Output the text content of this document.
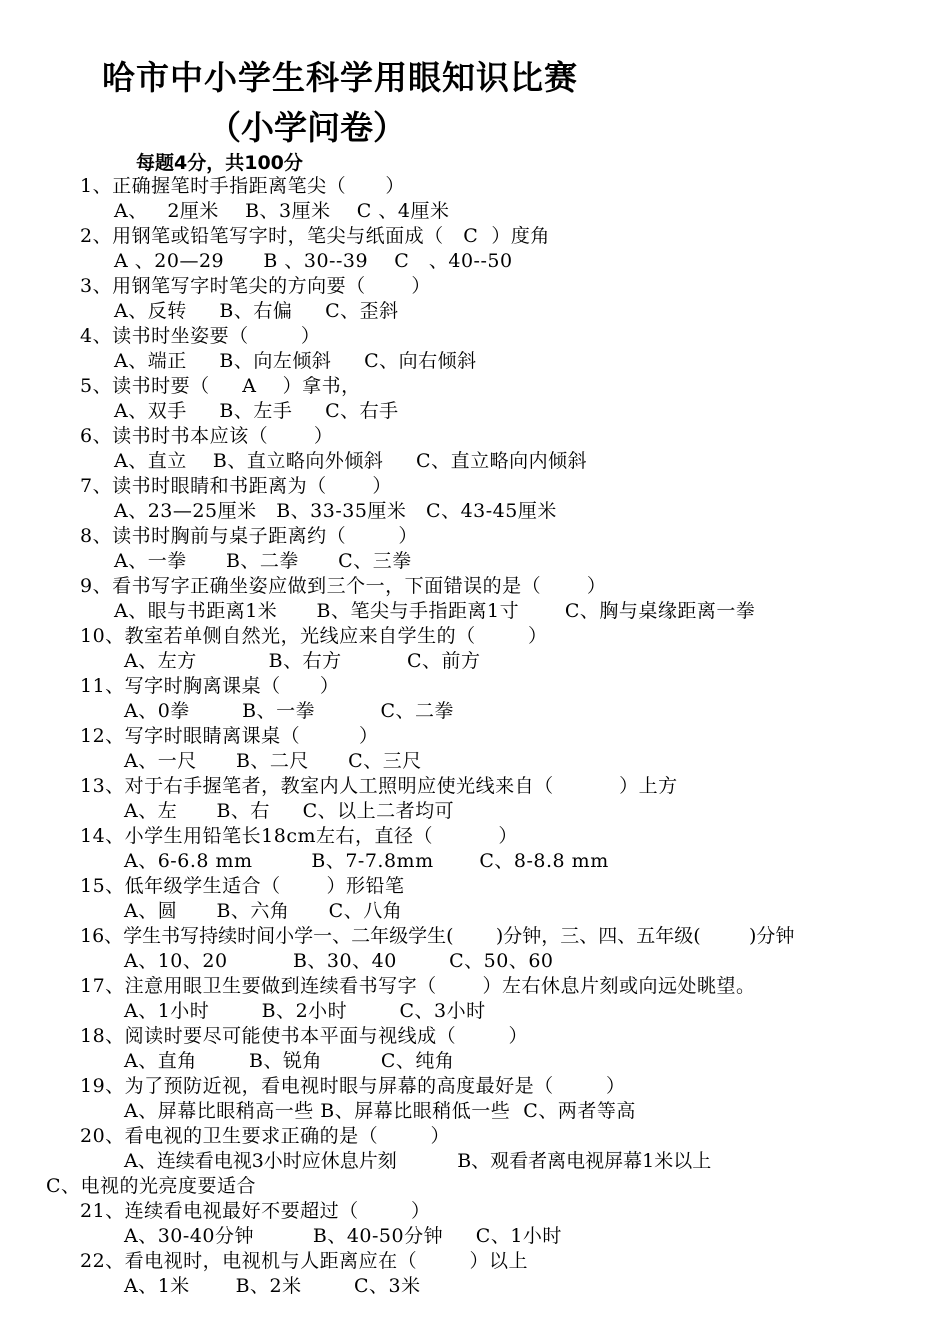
哈市中小学生科学用眼知识比赛
（小学问卷）
每题4分，共100分
1、正确握笔时手指距离笔尖（      ）
A、   2厘米    B、3厘米    C 、4厘米
2、用钢笔或铅笔写字时，笔尖与纸面成（   C  ）度角
A 、20—29      B 、30--39    C   、40--50
3、用钢笔写字时笔尖的方向要（       ）
A、反转     B、右偏     C、歪斜
4、读书时坐姿要（        ）
A、端正     B、向左倾斜     C、向右倾斜
5、读书时要（     A    ）拿书，
A、双手     B、左手     C、右手
6、读书时书本应该（       ）
A、直立    B、直立略向外倾斜     C、直立略向内倾斜
7、读书时眼睛和书距离为（       ）
A、23—25厘米   B、33-35厘米   C、43-45厘米
8、读书时胸前与桌子距离约（        ）
A、一拳      B、二拳      C、三拳
9、看书写字正确坐姿应做到三个一，下面错误的是（       ）
A、眼与书距离1米      B、笔尖与手指距离1寸       C、胸与桌缘距离一拳
10、教室若单侧自然光，光线应来自学生的（        ）
A、左方           B、右方          C、前方
11、写字时胸离课桌（      ）
A、0拳        B、一拳          C、二拳
12、写字时眼睛离课桌（         ）
A、一尺      B、二尺      C、三尺
13、对于右手握笔者，教室内人工照明应使光线来自（          ）上方
A、左      B、右     C、以上二者均可
14、小学生用铅笔长18cm左右，直径（          ）
A、6-6.8 mm         B、7-7.8mm       C、8-8.8 mm
15、低年级学生适合（       ）形铅笔
A、圆      B、六角      C、八角
16、学生书写持续时间小学一、二年级学生(       )分钟，三、四、五年级(        )分钟
A、10、20          B、30、40        C、50、60
17、注意用眼卫生要做到连续看书写字（       ）左右休息片刻或向远处眺望。
A、1小时        B、2小时        C、3小时
18、阅读时要尽可能使书本平面与视线成（        ）
A、直角        B、锐角         C、纯角
19、为了预防近视，看电视时眼与屏幕的高度最好是（        ）
A、屏幕比眼稍高一些 B、屏幕比眼稍低一些  C、两者等高
20、看电视的卫生要求正确的是（        ）
A、连续看电视3小时应休息片刻          B、观看者离电视屏幕1米以上
C、电视的光亮度要适合
21、连续看电视最好不要超过（        ）
A、30-40分钟         B、40-50分钟     C、1小时
22、看电视时，电视机与人距离应在（        ）以上
A、1米       B、2米        C、3米
